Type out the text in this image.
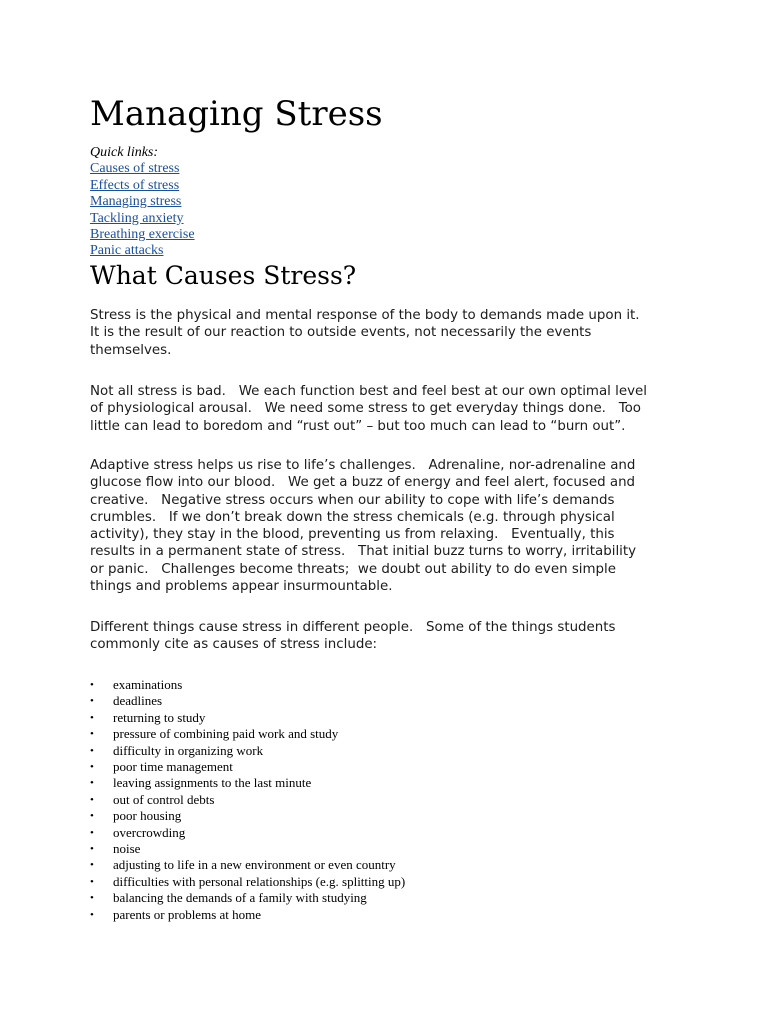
Managing Stress
Quick links:
Causes of stress
Effects of stress
Managing stress
Tackling anxiety
Breathing exercise
Panic attacks
What Causes Stress?

Stress is the physical and mental response of the body to demands made upon it.
It is the result of our reaction to outside events, not necessarily the events
themselves.

Not all stress is bad.   We each function best and feel best at our own optimal level
of physiological arousal.   We need some stress to get everyday things done.   Too
little can lead to boredom and “rust out” – but too much can lead to “burn out”.

Adaptive stress helps us rise to life’s challenges.   Adrenaline, nor-adrenaline and
glucose flow into our blood.   We get a buzz of energy and feel alert, focused and
creative.   Negative stress occurs when our ability to cope with life’s demands
crumbles.   If we don’t break down the stress chemicals (e.g. through physical
activity), they stay in the blood, preventing us from relaxing.   Eventually, this
results in a permanent state of stress.   That initial buzz turns to worry, irritability
or panic.   Challenges become threats;  we doubt out ability to do even simple
things and problems appear insurmountable.

Different things cause stress in different people.   Some of the things students
commonly cite as causes of stress include:

• examinations
• deadlines
• returning to study
• pressure of combining paid work and study
• difficulty in organizing work
• poor time management
• leaving assignments to the last minute
• out of control debts
• poor housing
• overcrowding
• noise
• adjusting to life in a new environment or even country
• difficulties with personal relationships (e.g. splitting up)
• balancing the demands of a family with studying
• parents or problems at home
